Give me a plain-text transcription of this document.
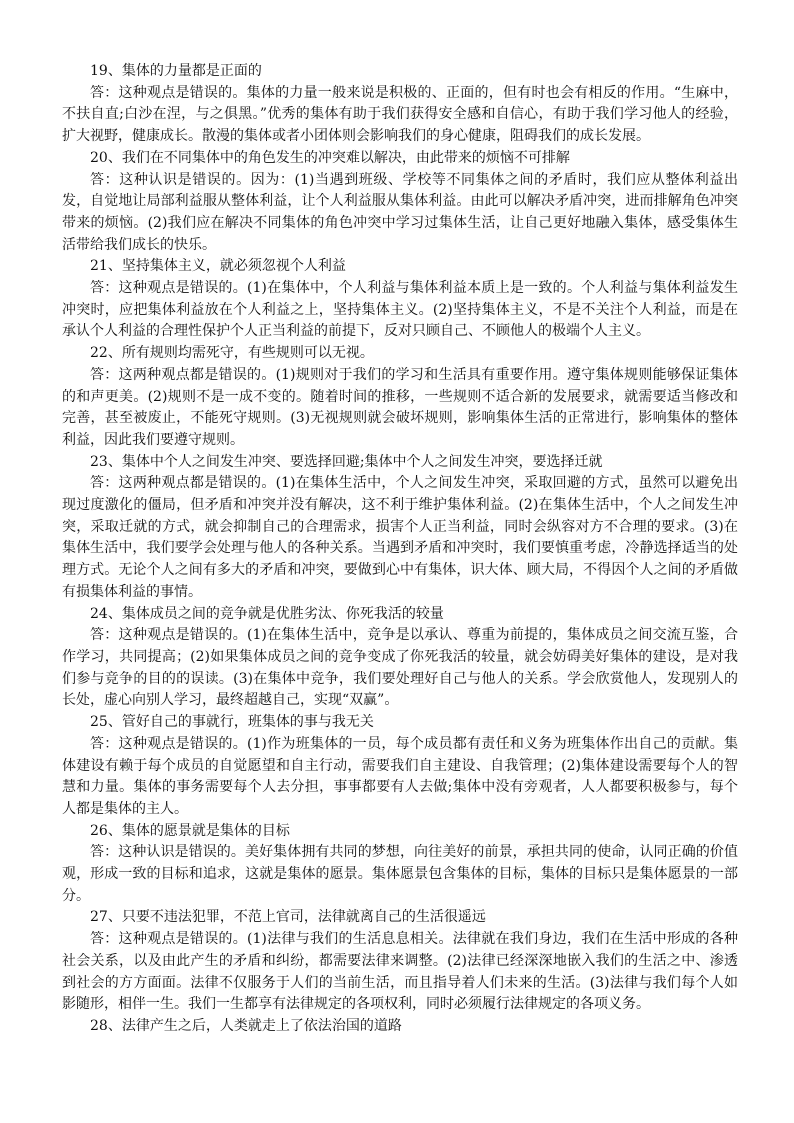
19、集体的力量都是正面的

答：这种观点是错误的。集体的力量一般来说是积极的、正面的，但有时也会有相反的作用。“生麻中，不扶自直;白沙在涅，与之俱黑。”优秀的集体有助于我们获得安全感和自信心，有助于我们学习他人的经验，扩大视野，健康成长。散漫的集体或者小团体则会影响我们的身心健康，阻碍我们的成长发展。

20、我们在不同集体中的角色发生的冲突难以解决，由此带来的烦恼不可排解

答：这种认识是错误的。因为：(1)当遇到班级、学校等不同集体之间的矛盾时，我们应从整体利益出发，自觉地让局部利益服从整体利益，让个人利益服从集体利益。由此可以解决矛盾冲突，进而排解角色冲突带来的烦恼。(2)我们应在解决不同集体的角色冲突中学习过集体生活，让自己更好地融入集体，感受集体生活带给我们成长的快乐。

21、坚持集体主义，就必须忽视个人利益

答：这种观点是错误的。(1)在集体中，个人利益与集体利益本质上是一致的。个人利益与集体利益发生冲突时，应把集体利益放在个人利益之上，坚持集体主义。(2)坚持集体主义，不是不关注个人利益，而是在承认个人利益的合理性保护个人正当利益的前提下，反对只顾自己、不顾他人的极端个人主义。

22、所有规则均需死守，有些规则可以无视。

答：这两种观点都是错误的。(1)规则对于我们的学习和生活具有重要作用。遵守集体规则能够保证集体的和声更美。(2)规则不是一成不变的。随着时间的推移，一些规则不适合新的发展要求，就需要适当修改和完善，甚至被废止，不能死守规则。(3)无视规则就会破坏规则，影响集体生活的正常进行，影响集体的整体利益，因此我们要遵守规则。

23、集体中个人之间发生冲突、要选择回避;集体中个人之间发生冲突，要选择迁就

答：这两种观点都是错误的。(1)在集体生活中，个人之间发生冲突，采取回避的方式，虽然可以避免出现过度激化的僵局，但矛盾和冲突并没有解决，这不利于维护集体利益。(2)在集体生活中，个人之间发生冲突，采取迁就的方式，就会抑制自己的合理需求，损害个人正当利益，同时会纵容对方不合理的要求。(3)在集体生活中，我们要学会处理与他人的各种关系。当遇到矛盾和冲突时，我们要慎重考虑，冷静选择适当的处理方式。无论个人之间有多大的矛盾和冲突，要做到心中有集体，识大体、顾大局，不得因个人之间的矛盾做有损集体利益的事情。

24、集体成员之间的竞争就是优胜劣汰、你死我活的较量

答：这种观点是错误的。(1)在集体生活中，竞争是以承认、尊重为前提的，集体成员之间交流互鉴，合作学习，共同提高；(2)如果集体成员之间的竞争变成了你死我活的较量，就会妨碍美好集体的建设，是对我们参与竞争的目的的误读。(3)在集体中竞争，我们要处理好自己与他人的关系。学会欣赏他人，发现别人的长处，虚心向别人学习，最终超越自己，实现“双赢”。

25、管好自己的事就行，班集体的事与我无关

答：这种观点是错误的。(1)作为班集体的一员，每个成员都有责任和义务为班集体作出自己的贡献。集体建设有赖于每个成员的自觉愿望和自主行动，需要我们自主建设、自我管理；(2)集体建设需要每个人的智慧和力量。集体的事务需要每个人去分担，事事都要有人去做;集体中没有旁观者，人人都要积极参与，每个人都是集体的主人。

26、集体的愿景就是集体的目标

答：这种认识是错误的。美好集体拥有共同的梦想，向往美好的前景，承担共同的使命，认同正确的价值观，形成一致的目标和追求，这就是集体的愿景。集体愿景包含集体的目标，集体的目标只是集体愿景的一部分。

27、只要不违法犯罪，不范上官司，法律就离自己的生活很遥远

答：这种观点是错误的。(1)法律与我们的生活息息相关。法律就在我们身边，我们在生活中形成的各种社会关系，以及由此产生的矛盾和纠纷，都需要法律来调整。(2)法律已经深深地嵌入我们的生活之中、渗透到社会的方方面面。法律不仅服务于人们的当前生活，而且指导着人们未来的生活。(3)法律与我们每个人如影随形，相伴一生。我们一生都享有法律规定的各项权利，同时必须履行法律规定的各项义务。

28、法律产生之后，人类就走上了依法治国的道路
